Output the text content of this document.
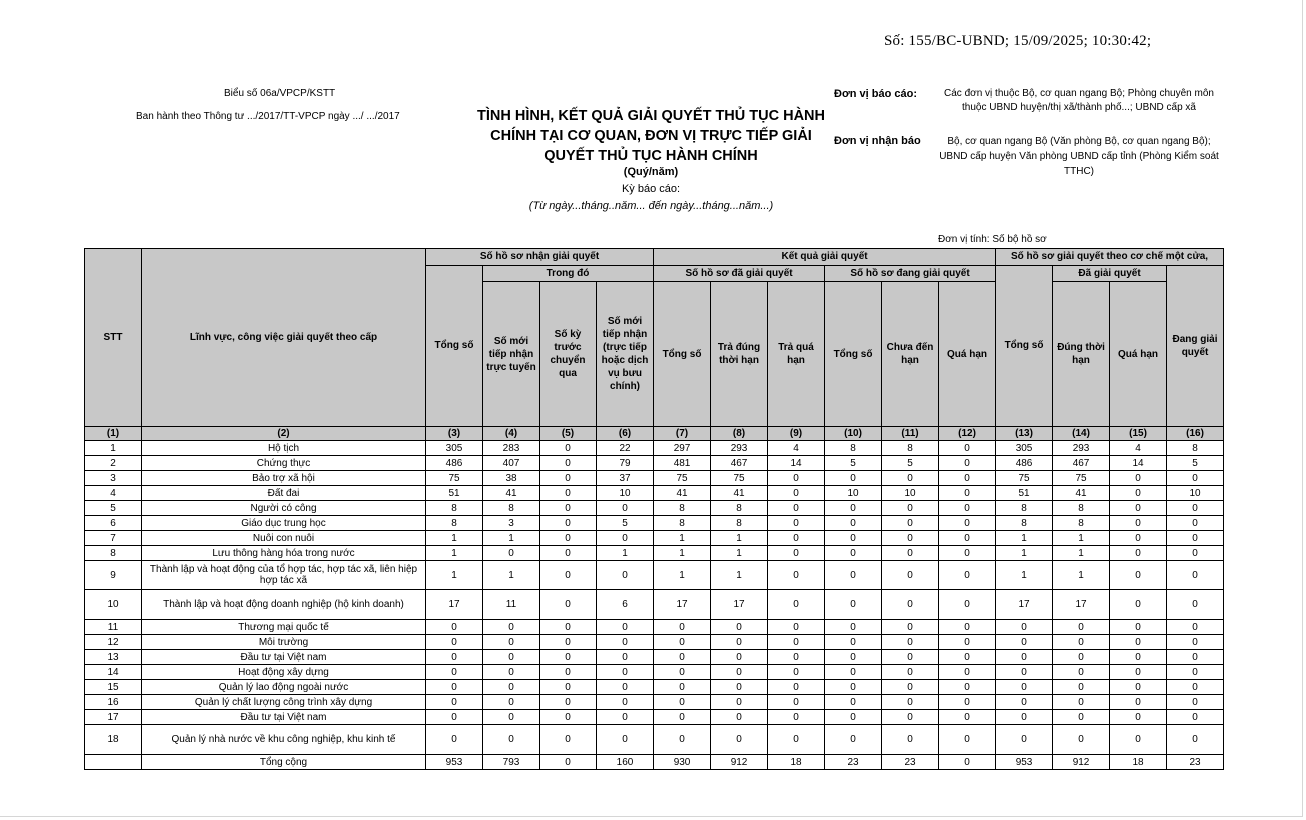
Số: 155/BC-UBND; 15/09/2025; 10:30:42;
Biểu số 06a/VPCP/KSTT
Ban hành theo Thông tư .../2017/TT-VPCP ngày .../ .../2017	TÌNH HÌNH, KẾT QUẢ GIẢI QUYẾT THỦ TỤC HÀNH CHÍNH TẠI CƠ QUAN, ĐƠN VỊ TRỰC TIẾP GIẢI QUYẾT THỦ TỤC HÀNH CHÍNH
(Quý/năm)
Kỳ báo cáo:
(Từ ngày...tháng..năm... đến ngày...tháng...năm...)
Đơn vị báo cáo:	Các đơn vị thuộc Bộ, cơ quan ngang Bộ; Phòng chuyên môn thuộc UBND huyện/thị xã/thành phố...; UBND cấp xã
Đơn vị nhận báo	Bộ, cơ quan ngang Bộ (Văn phòng Bộ, cơ quan ngang Bộ); UBND cấp huyện Văn phòng UBND cấp tỉnh (Phòng Kiểm soát TTHC)
Đơn vị tính: Số bộ hồ sơ
STT	Lĩnh vực, công việc giải quyết theo cấp	Số hồ sơ nhận giải quyết				Kết quả giải quyết						Số hồ sơ giải quyết theo cơ chế một cửa,			
		Tổng số	Trong đó			Số hồ sơ đã giải quyết			Số hồ sơ đang giải quyết			Tổng số	Đã giải quyết		Đang giải quyết
			Số mới tiếp nhận trực tuyến	Số kỳ trước chuyển qua	Số mới tiếp nhận (trực tiếp hoặc dịch vụ bưu chính)	Tổng số	Trả đúng thời hạn	Trả quá hạn	Tổng số	Chưa đến hạn	Quá hạn		Đúng thời hạn	Quá hạn	
(1)	(2)	(3)	(4)	(5)	(6)	(7)	(8)	(9)	(10)	(11)	(12)	(13)	(14)	(15)	(16)
1	Hộ tịch	305	283	0	22	297	293	4	8	8	0	305	293	4	8
2	Chứng thực	486	407	0	79	481	467	14	5	5	0	486	467	14	5
3	Bảo trợ xã hội	75	38	0	37	75	75	0	0	0	0	75	75	0	0
4	Đất đai	51	41	0	10	41	41	0	10	10	0	51	41	0	10
5	Người có công	8	8	0	0	8	8	0	0	0	0	8	8	0	0
6	Giáo dục trung học	8	3	0	5	8	8	0	0	0	0	8	8	0	0
7	Nuôi con nuôi	1	1	0	0	1	1	0	0	0	0	1	1	0	0
8	Lưu thông hàng hóa trong nước	1	0	0	1	1	1	0	0	0	0	1	1	0	0
9	Thành lập và hoạt động của tổ hợp tác, hợp tác xã, liên hiệp hợp tác xã	1	1	0	0	1	1	0	0	0	0	1	1	0	0
10	Thành lập và hoạt động doanh nghiệp (hộ kinh doanh)	17	11	0	6	17	17	0	0	0	0	17	17	0	0
11	Thương mại quốc tế	0	0	0	0	0	0	0	0	0	0	0	0	0	0
12	Môi trường	0	0	0	0	0	0	0	0	0	0	0	0	0	0
13	Đầu tư tại Việt nam	0	0	0	0	0	0	0	0	0	0	0	0	0	0
14	Hoạt động xây dựng	0	0	0	0	0	0	0	0	0	0	0	0	0	0
15	Quản lý lao động ngoài nước	0	0	0	0	0	0	0	0	0	0	0	0	0	0
16	Quản lý chất lượng công trình xây dựng	0	0	0	0	0	0	0	0	0	0	0	0	0	0
17	Đầu tư tại Việt nam	0	0	0	0	0	0	0	0	0	0	0	0	0	0
18	Quản lý nhà nước về khu công nghiệp, khu kinh tế	0	0	0	0	0	0	0	0	0	0	0	0	0	0
	Tổng cộng	953	793	0	160	930	912	18	23	23	0	953	912	18	23
